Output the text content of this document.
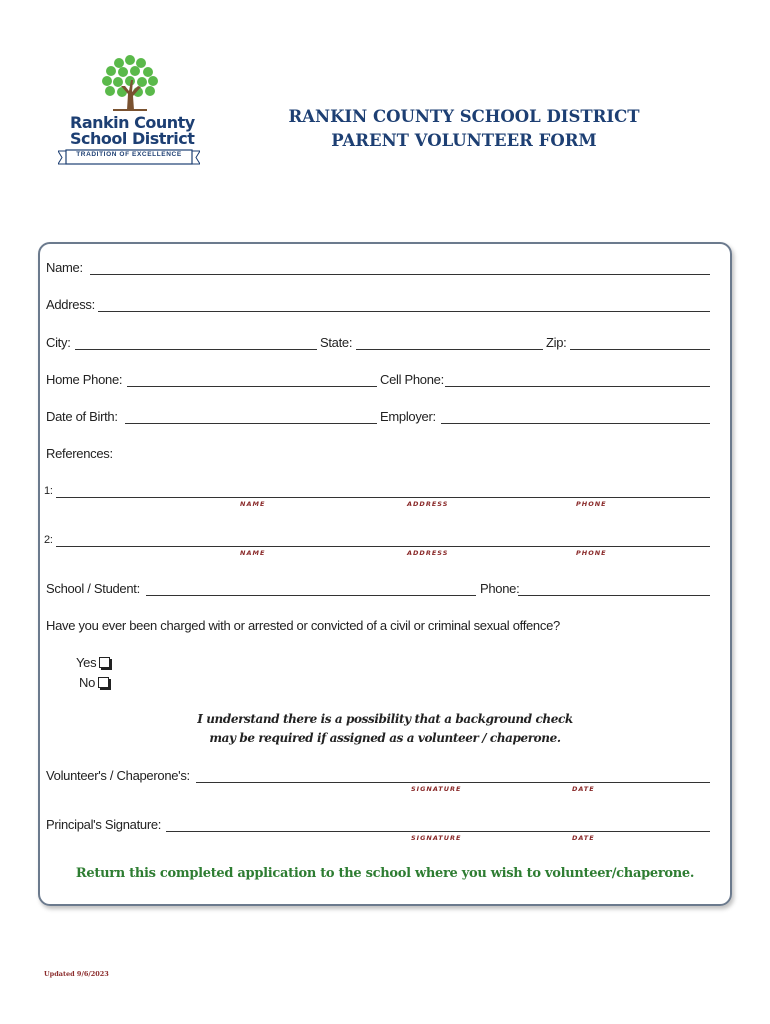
Rankin County
School District
TRADITION OF EXCELLENCE
RANKIN COUNTY SCHOOL DISTRICT
PARENT VOLUNTEER FORM
Name:
Address:
City:	State:	Zip:
Home Phone:	Cell Phone:
Date of Birth:	Employer:
References:
1:
NAME	ADDRESS	PHONE
2:
NAME	ADDRESS	PHONE
School / Student:	Phone:
Have you ever been charged with or arrested or convicted of a civil or criminal sexual offence?
Yes
No
I understand there is a possibility that a background check
may be required if assigned as a volunteer / chaperone.
Volunteer's / Chaperone's:
SIGNATURE	DATE
Principal's Signature:
SIGNATURE	DATE
Return this completed application to the school where you wish to volunteer/chaperone.
Updated 9/6/2023
